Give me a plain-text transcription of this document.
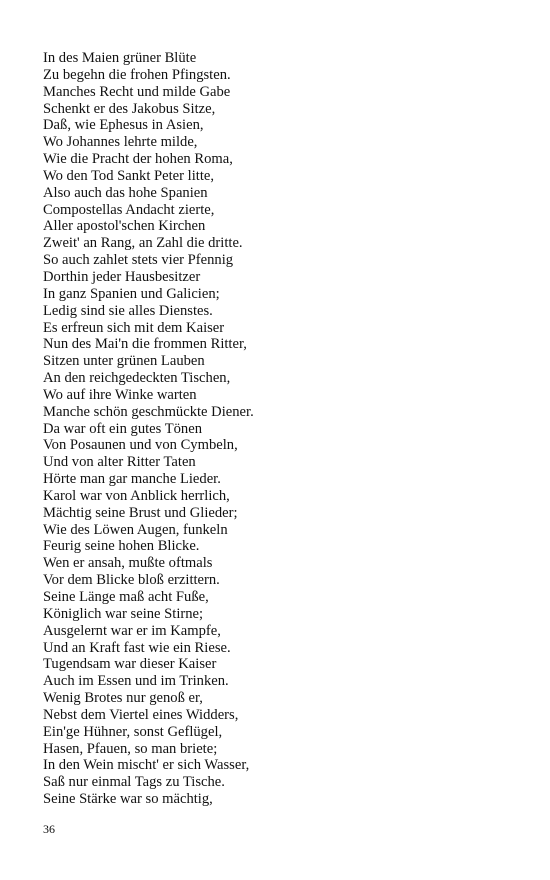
In des Maien grüner Blüte
Zu begehn die frohen Pfingsten.
Manches Recht und milde Gabe
Schenkt er des Jakobus Sitze,
Daß, wie Ephesus in Asien,
Wo Johannes lehrte milde,
Wie die Pracht der hohen Roma,
Wo den Tod Sankt Peter litte,
Also auch das hohe Spanien
Compostellas Andacht zierte,
Aller apostol'schen Kirchen
Zweit' an Rang, an Zahl die dritte.
So auch zahlet stets vier Pfennig
Dorthin jeder Hausbesitzer
In ganz Spanien und Galicien;
Ledig sind sie alles Dienstes.
Es erfreun sich mit dem Kaiser
Nun des Mai'n die frommen Ritter,
Sitzen unter grünen Lauben
An den reichgedeckten Tischen,
Wo auf ihre Winke warten
Manche schön geschmückte Diener.
Da war oft ein gutes Tönen
Von Posaunen und von Cymbeln,
Und von alter Ritter Taten
Hörte man gar manche Lieder.
Karol war von Anblick herrlich,
Mächtig seine Brust und Glieder;
Wie des Löwen Augen, funkeln
Feurig seine hohen Blicke.
Wen er ansah, mußte oftmals
Vor dem Blicke bloß erzittern.
Seine Länge maß acht Fuße,
Königlich war seine Stirne;
Ausgelernt war er im Kampfe,
Und an Kraft fast wie ein Riese.
Tugendsam war dieser Kaiser
Auch im Essen und im Trinken.
Wenig Brotes nur genoß er,
Nebst dem Viertel eines Widders,
Ein'ge Hühner, sonst Geflügel,
Hasen, Pfauen, so man briete;
In den Wein mischt' er sich Wasser,
Saß nur einmal Tags zu Tische.
Seine Stärke war so mächtig,
36
